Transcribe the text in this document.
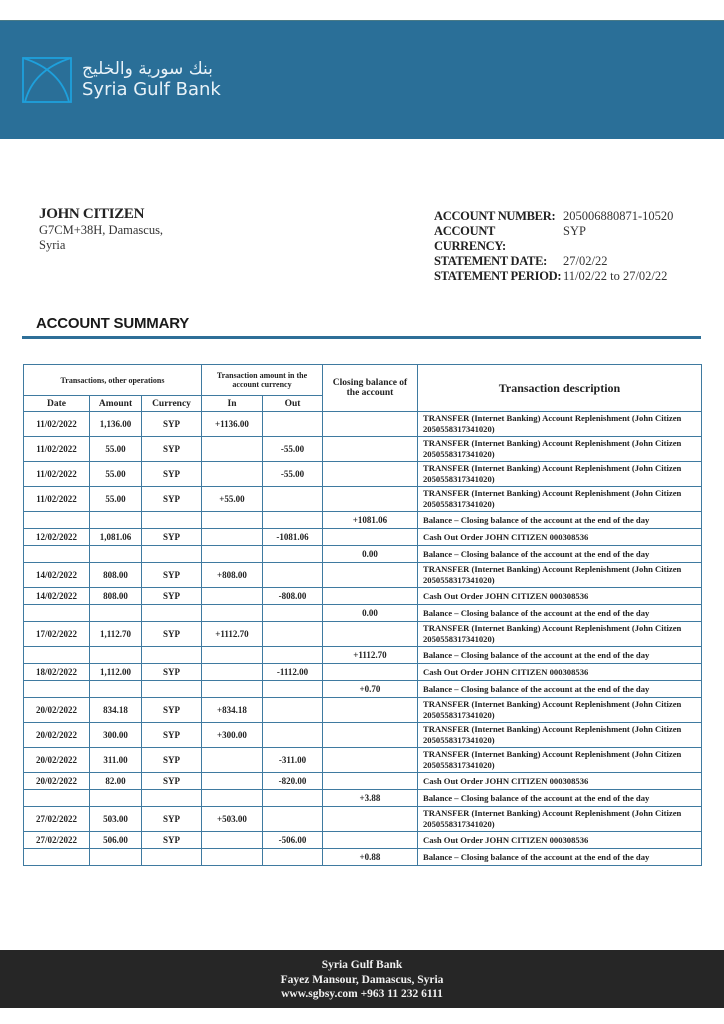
بنك سورية والخليج
Syria Gulf Bank
JOHN CITIZEN
G7CM+38H, Damascus,
Syria
ACCOUNT NUMBER: 205006880871-10520
ACCOUNT CURRENCY:
SYP
STATEMENT DATE:	27/02/22
STATEMENT PERIOD: 11/02/22 to 27/02/22
ACCOUNT SUMMARY
Transactions, other operations			Transaction amount in the account currency		Closing balance of the account	Transaction description
Date	Amount	Currency	In	Out		
11/02/2022	1,136.00	SYP	+1136.00			TRANSFER (Internet Banking) Account Replenishment (John Citizen 2050558317341020)
11/02/2022	55.00	SYP		-55.00		TRANSFER (Internet Banking) Account Replenishment (John Citizen 2050558317341020)
11/02/2022	55.00	SYP		-55.00		TRANSFER (Internet Banking) Account Replenishment (John Citizen 2050558317341020)
11/02/2022	55.00	SYP	+55.00			TRANSFER (Internet Banking) Account Replenishment (John Citizen 2050558317341020)
					+1081.06	Balance – Closing balance of the account at the end of the day
12/02/2022	1,081.06	SYP		-1081.06		Cash Out Order JOHN CITIZEN 000308536
					0.00	Balance – Closing balance of the account at the end of the day
14/02/2022	808.00	SYP	+808.00			TRANSFER (Internet Banking) Account Replenishment (John Citizen 2050558317341020)
14/02/2022	808.00	SYP		-808.00		Cash Out Order JOHN CITIZEN 000308536
					0.00	Balance – Closing balance of the account at the end of the day
17/02/2022	1,112.70	SYP	+1112.70			TRANSFER (Internet Banking) Account Replenishment (John Citizen 2050558317341020)
					+1112.70	Balance – Closing balance of the account at the end of the day
18/02/2022	1,112.00	SYP		-1112.00		Cash Out Order JOHN CITIZEN 000308536
					+0.70	Balance – Closing balance of the account at the end of the day
20/02/2022	834.18	SYP	+834.18			TRANSFER (Internet Banking) Account Replenishment (John Citizen 2050558317341020)
20/02/2022	300.00	SYP	+300.00			TRANSFER (Internet Banking) Account Replenishment (John Citizen 2050558317341020)
20/02/2022	311.00	SYP		-311.00		TRANSFER (Internet Banking) Account Replenishment (John Citizen 2050558317341020)
20/02/2022	82.00	SYP		-820.00		Cash Out Order JOHN CITIZEN 000308536
					+3.88	Balance – Closing balance of the account at the end of the day
27/02/2022	503.00	SYP	+503.00			TRANSFER (Internet Banking) Account Replenishment (John Citizen 2050558317341020)
27/02/2022	506.00	SYP		-506.00		Cash Out Order JOHN CITIZEN 000308536
					+0.88	Balance – Closing balance of the account at the end of the day
Syria Gulf Bank
Fayez Mansour, Damascus, Syria
www.sgbsy.com +963 11 232 6111
